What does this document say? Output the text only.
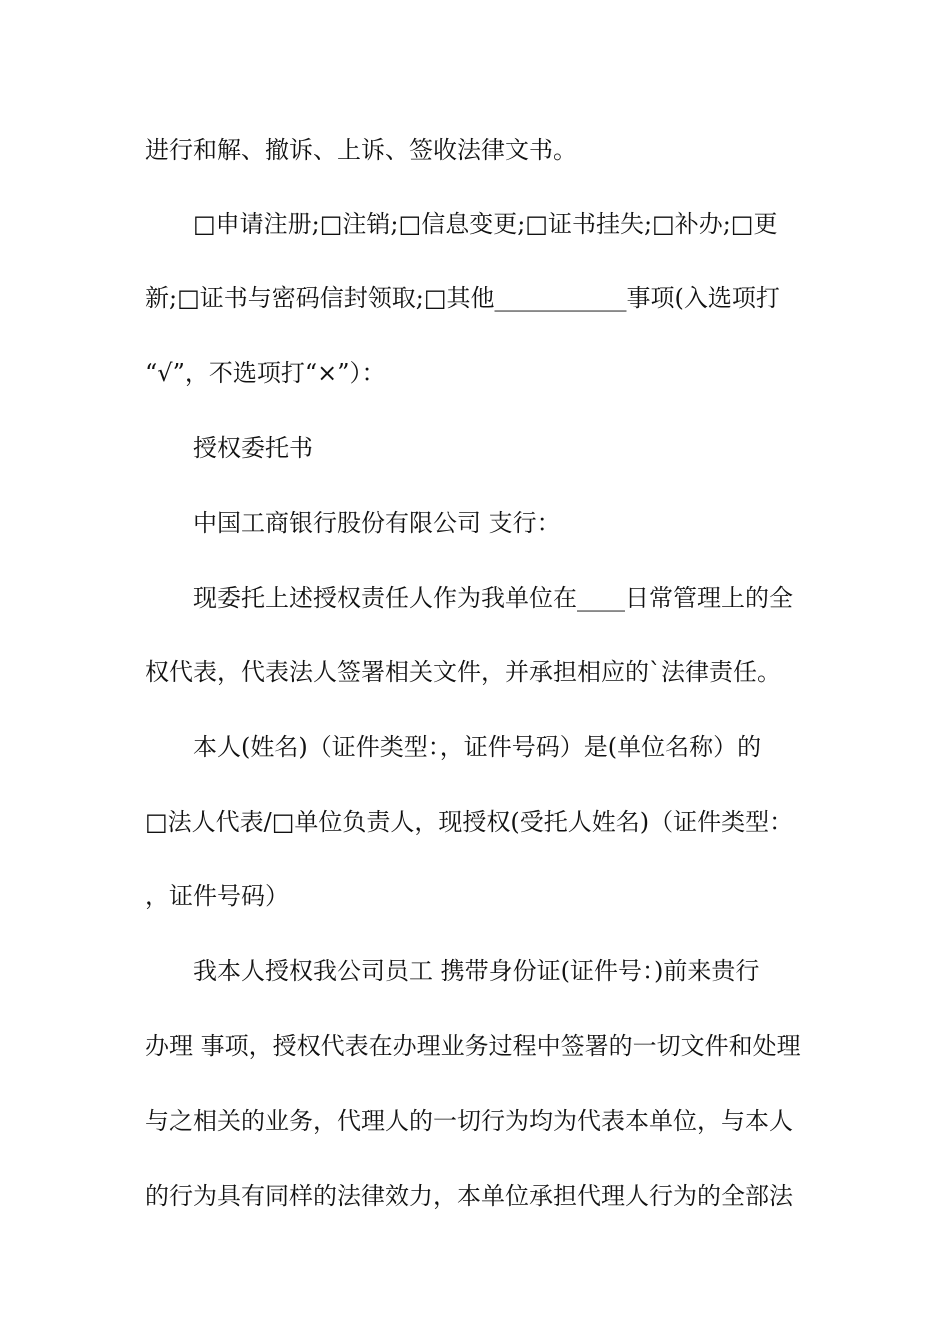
进行和解、撤诉、上诉、签收法律文书。
□申请注册;□注销;□信息变更;□证书挂失;□补办;□更
新;□证书与密码信封领取;□其他___________事项(入选项打
“√”，不选项打“×”）：
授权委托书
中国工商银行股份有限公司 支行：
现委托上述授权责任人作为我单位在____日常管理上的全
权代表，代表法人签署相关文件，并承担相应的`法律责任。
本人(姓名)（证件类型：，证件号码）是(单位名称）的
□法人代表/□单位负责人，现授权(受托人姓名)（证件类型：
，证件号码）
我本人授权我公司员工 携带身份证(证件号：)前来贵行
办理 事项，授权代表在办理业务过程中签署的一切文件和处理
与之相关的业务，代理人的一切行为均为代表本单位，与本人
的行为具有同样的法律效力，本单位承担代理人行为的全部法
